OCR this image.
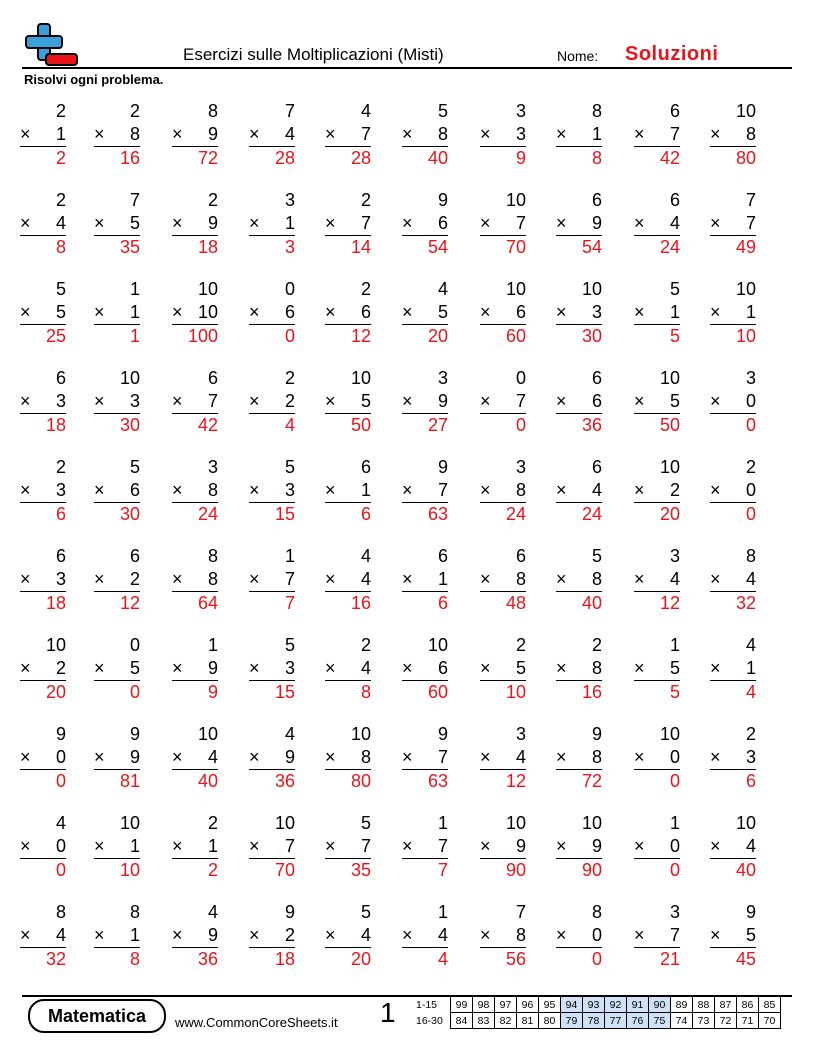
Esercizi sulle Moltiplicazioni (Misti)	Nome: Soluzioni
Risolvi ogni problema.
2
× 1
2
2
× 8
16
8
× 9
72
7
× 4
28
4
× 7
28
5
× 8
40
3
× 3
9
8
× 1
8
6
× 7
42
10
× 8
80
2
× 4
8
7
× 5
35
2
× 9
18
3
× 1
3
2
× 7
14
9
× 6
54
10
× 7
70
6
× 9
54
6
× 4
24
7
× 7
49
5
× 5
25
1
× 1
1
10
× 10
100
0
× 6
0
2
× 6
12
4
× 5
20
10
× 6
60
10
× 3
30
5
× 1
5
10
× 1
10
6
× 3
18
10
× 3
30
6
× 7
42
2
× 2
4
10
× 5
50
3
× 9
27
0
× 7
0
6
× 6
36
10
× 5
50
3
× 0
0
2
× 3
6
5
× 6
30
3
× 8
24
5
× 3
15
6
× 1
6
9
× 7
63
3
× 8
24
6
× 4
24
10
× 2
20
2
× 0
0
6
× 3
18
6
× 2
12
8
× 8
64
1
× 7
7
4
× 4
16
6
× 1
6
6
× 8
48
5
× 8
40
3
× 4
12
8
× 4
32
10
× 2
20
0
× 5
0
1
× 9
9
5
× 3
15
2
× 4
8
10
× 6
60
2
× 5
10
2
× 8
16
1
× 5
5
4
× 1
4
9
× 0
0
9
× 9
81
10
× 4
40
4
× 9
36
10
× 8
80
9
× 7
63
3
× 4
12
9
× 8
72
10
× 0
0
2
× 3
6
4
× 0
0
10
× 1
10
2
× 1
2
10
× 7
70
5
× 7
35
1
× 7
7
10
× 9
90
10
× 9
90
1
× 0
0
10
× 4
40
8
× 4
32
8
× 1
8
4
× 9
36
9
× 2
18
5
× 4
20
1
× 4
4
7
× 8
56
8
× 0
0
3
× 7
21
9
× 5
45
Matematica	www.CommonCoreSheets.it 1 1-15	99	98	97	96	95	94	93	92	91	90	89	88	87	86	85
16-30	84	83	82	81	80	79	78	77	76	75	74	73	72	71	70
